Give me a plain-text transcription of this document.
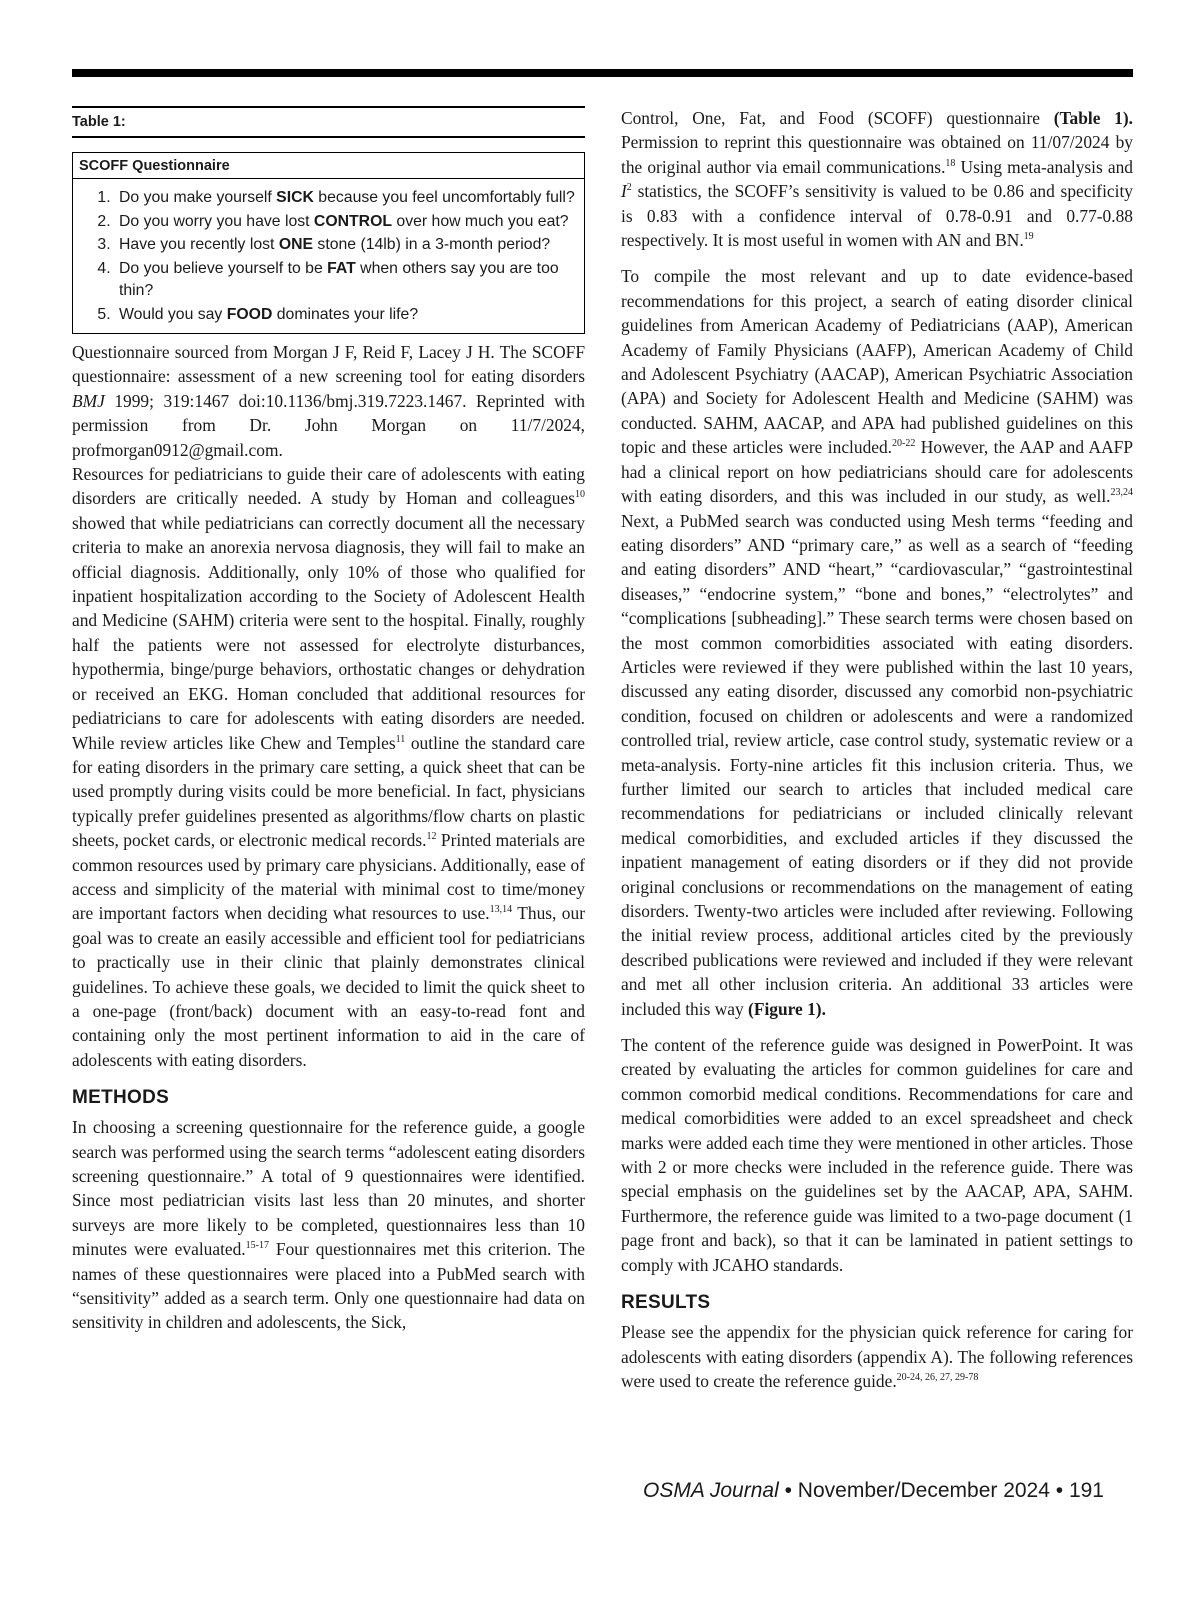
Table 1:
SCOFF Questionnaire
1. Do you make yourself SICK because you feel uncomfortably full?
2. Do you worry you have lost CONTROL over how much you eat?
3. Have you recently lost ONE stone (14lb) in a 3-month period?
4. Do you believe yourself to be FAT when others say you are too thin?
5. Would you say FOOD dominates your life?

Questionnaire sourced from Morgan J F, Reid F, Lacey J H. The SCOFF questionnaire: assessment of a new screening tool for eating disorders BMJ 1999; 319:1467 doi:10.1136/bmj.319.7223.1467. Reprinted with permission from Dr. John Morgan on 11/7/2024, profmorgan0912@gmail.com.

Resources for pediatricians to guide their care of adolescents with eating disorders are critically needed. A study by Homan and colleagues$^{10}$ showed that while pediatricians can correctly document all the necessary criteria to make an anorexia nervosa diagnosis, they will fail to make an official diagnosis. Additionally, only 10% of those who qualified for inpatient hospitalization according to the Society of Adolescent Health and Medicine (SAHM) criteria were sent to the hospital. Finally, roughly half the patients were not assessed for electrolyte disturbances, hypothermia, binge/purge behaviors, orthostatic changes or dehydration or received an EKG. Homan concluded that additional resources for pediatricians to care for adolescents with eating disorders are needed. While review articles like Chew and Temples$^{11}$ outline the standard care for eating disorders in the primary care setting, a quick sheet that can be used promptly during visits could be more beneficial. In fact, physicians typically prefer guidelines presented as algorithms/flow charts on plastic sheets, pocket cards, or electronic medical records.$^{12}$ Printed materials are common resources used by primary care physicians. Additionally, ease of access and simplicity of the material with minimal cost to time/money are important factors when deciding what resources to use.$^{13,14}$ Thus, our goal was to create an easily accessible and efficient tool for pediatricians to practically use in their clinic that plainly demonstrates clinical guidelines. To achieve these goals, we decided to limit the quick sheet to a one-page (front/back) document with an easy-to-read font and containing only the most pertinent information to aid in the care of adolescents with eating disorders.

METHODS

In choosing a screening questionnaire for the reference guide, a google search was performed using the search terms “adolescent eating disorders screening questionnaire.” A total of 9 questionnaires were identified. Since most pediatrician visits last less than 20 minutes, and shorter surveys are more likely to be completed, questionnaires less than 10 minutes were evaluated.$^{15-17}$ Four questionnaires met this criterion. The names of these questionnaires were placed into a PubMed search with “sensitivity” added as a search term. Only one questionnaire had data on sensitivity in children and adolescents, the Sick,

Control, One, Fat, and Food (SCOFF) questionnaire (Table 1). Permission to reprint this questionnaire was obtained on 11/07/2024 by the original author via email communications.$^{18}$ Using meta-analysis and $I^2$ statistics, the SCOFF’s sensitivity is valued to be 0.86 and specificity is 0.83 with a confidence interval of 0.78-0.91 and 0.77-0.88 respectively. It is most useful in women with AN and BN.$^{19}$

To compile the most relevant and up to date evidence-based recommendations for this project, a search of eating disorder clinical guidelines from American Academy of Pediatricians (AAP), American Academy of Family Physicians (AAFP), American Academy of Child and Adolescent Psychiatry (AACAP), American Psychiatric Association (APA) and Society for Adolescent Health and Medicine (SAHM) was conducted. SAHM, AACAP, and APA had published guidelines on this topic and these articles were included.$^{20-22}$ However, the AAP and AAFP had a clinical report on how pediatricians should care for adolescents with eating disorders, and this was included in our study, as well.$^{23,24}$ Next, a PubMed search was conducted using Mesh terms “feeding and eating disorders” AND “primary care,” as well as a search of “feeding and eating disorders” AND “heart,” “cardiovascular,” “gastrointestinal diseases,” “endocrine system,” “bone and bones,” “electrolytes” and “complications [subheading].” These search terms were chosen based on the most common comorbidities associated with eating disorders. Articles were reviewed if they were published within the last 10 years, discussed any eating disorder, discussed any comorbid non-psychiatric condition, focused on children or adolescents and were a randomized controlled trial, review article, case control study, systematic review or a meta-analysis. Forty-nine articles fit this inclusion criteria. Thus, we further limited our search to articles that included medical care recommendations for pediatricians or included clinically relevant medical comorbidities, and excluded articles if they discussed the inpatient management of eating disorders or if they did not provide original conclusions or recommendations on the management of eating disorders. Twenty-two articles were included after reviewing. Following the initial review process, additional articles cited by the previously described publications were reviewed and included if they were relevant and met all other inclusion criteria. An additional 33 articles were included this way (Figure 1).

The content of the reference guide was designed in PowerPoint. It was created by evaluating the articles for common guidelines for care and common comorbid medical conditions. Recommendations for care and medical comorbidities were added to an excel spreadsheet and check marks were added each time they were mentioned in other articles. Those with 2 or more checks were included in the reference guide. There was special emphasis on the guidelines set by the AACAP, APA, SAHM. Furthermore, the reference guide was limited to a two-page document (1 page front and back), so that it can be laminated in patient settings to comply with JCAHO standards.

RESULTS

Please see the appendix for the physician quick reference for caring for adolescents with eating disorders (appendix A). The following references were used to create the reference guide.$^{20-24, 26, 27, 29-78}$

OSMA Journal • November/December 2024 • 191
